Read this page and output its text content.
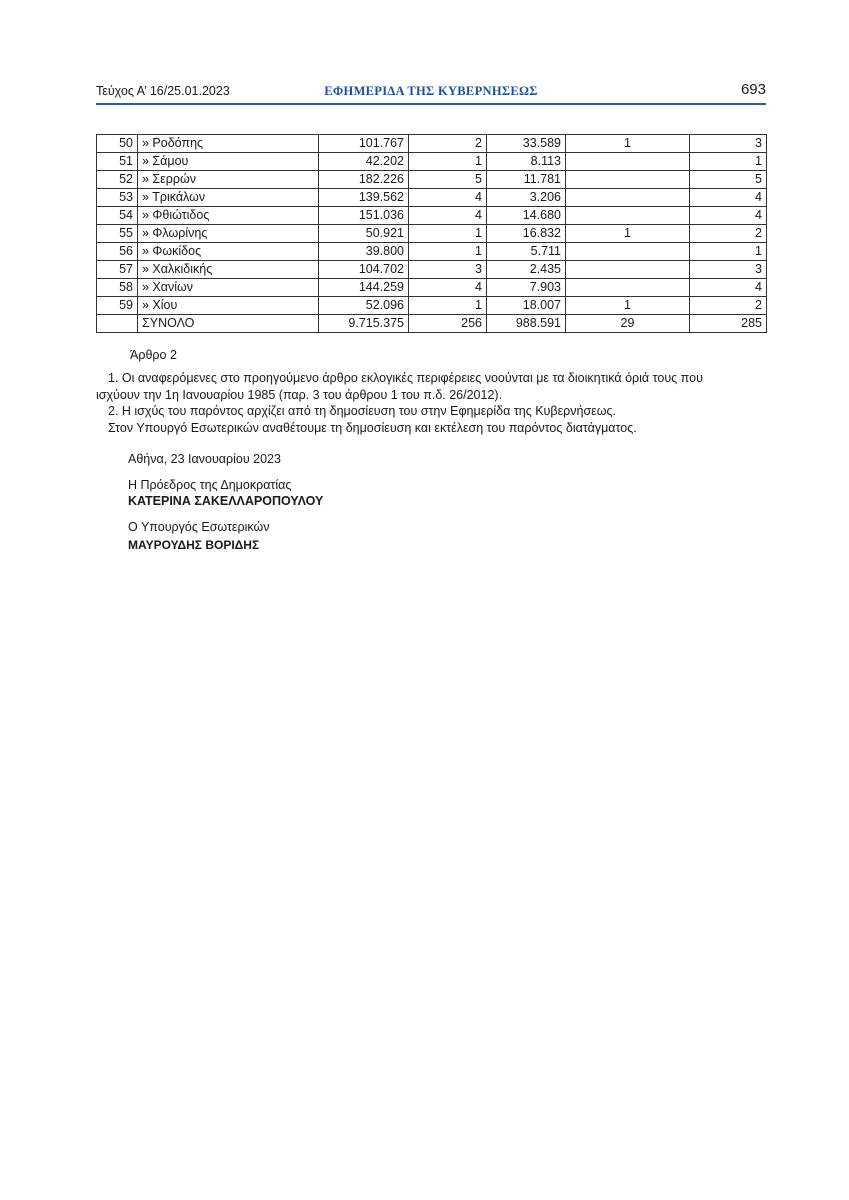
Τεύχος Α’ 16/25.01.2023	ΕΦΗΜΕΡΙΔΑ ΤΗΣ ΚΥΒΕΡΝΗΣΕΩΣ	693
50	» Ροδόπης	101.767	2	33.589	1	3
51	» Σάμου	42.202	1	8.113		1
52	» Σερρών	182.226	5	11.781		5
53	» Τρικάλων	139.562	4	3.206		4
54	» Φθιώτιδος	151.036	4	14.680		4
55	» Φλωρίνης	50.921	1	16.832	1	2
56	» Φωκίδος	39.800	1	5.711		1
57	» Χαλκιδικής	104.702	3	2.435		3
58	» Χανίων	144.259	4	7.903		4
59	» Χίου	52.096	1	18.007	1	2
	ΣΥΝΟΛΟ	9.715.375	256	988.591	29	285
Άρθρο 2
1. Οι αναφερόμενες στο προηγούμενο άρθρο εκλογικές περιφέρειες νοούνται με τα διοικητικά όριά τους που
ισχύουν την 1η Ιανουαρίου 1985 (παρ. 3 του άρθρου 1 του π.δ. 26/2012).
2. Η ισχύς του παρόντος αρχίζει από τη δημοσίευση του στην Εφημερίδα της Κυβερνήσεως.
Στον Υπουργό Εσωτερικών αναθέτουμε τη δημοσίευση και εκτέλεση του παρόντος διατάγματος.
Αθήνα, 23 Ιανουαρίου 2023
Η Πρόεδρος της Δημοκρατίας
ΚΑΤΕΡΙΝΑ ΣΑΚΕΛΛΑΡΟΠΟΥΛΟΥ
Ο Υπουργός Εσωτερικών
ΜΑΥΡΟΥΔΗΣ ΒΟΡΙΔΗΣ
